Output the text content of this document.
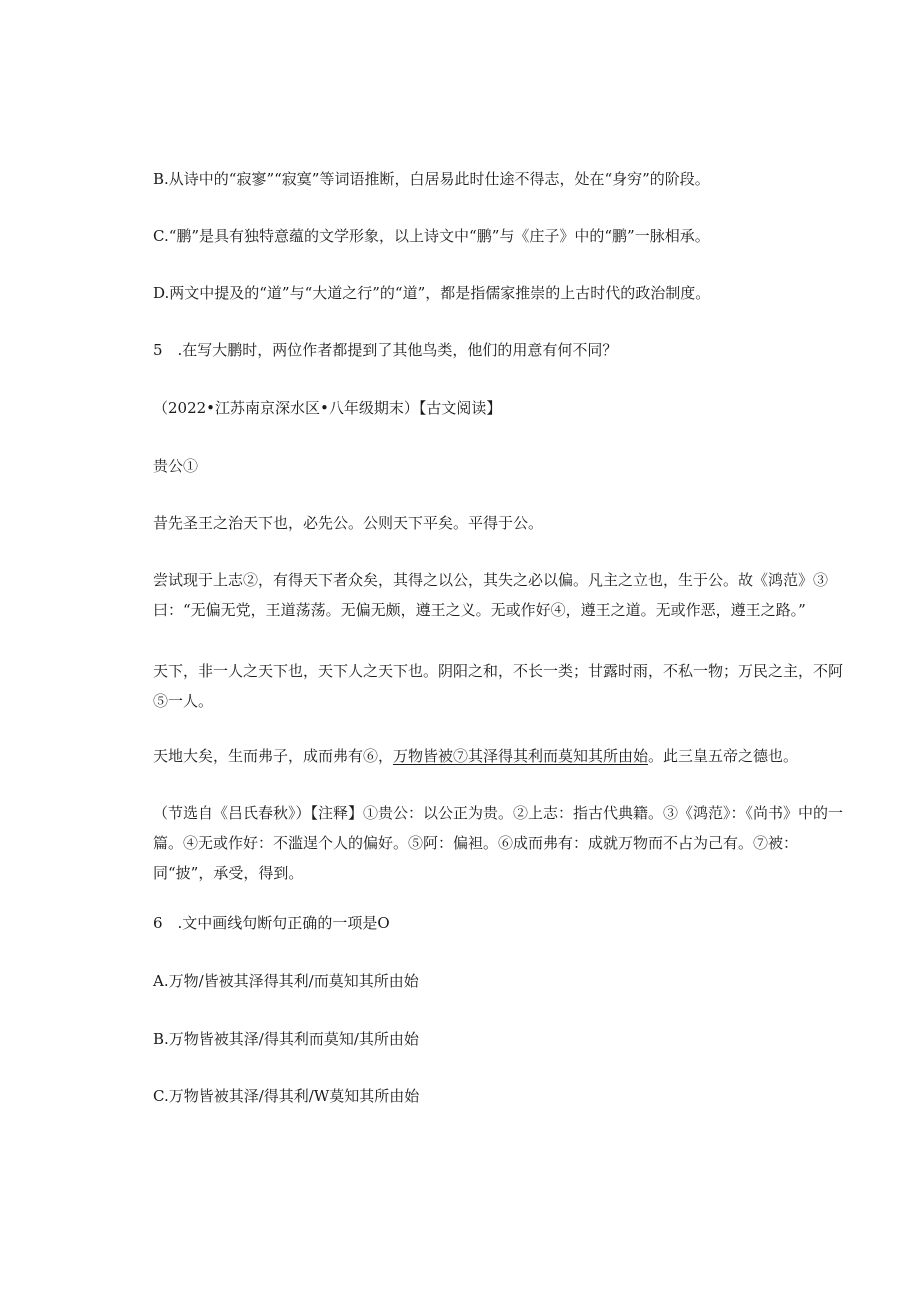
B.从诗中的“寂寥”“寂寞”等词语推断，白居易此时仕途不得志，处在“身穷”的阶段。
C.“鹏”是具有独特意蕴的文学形象，以上诗文中“鹏”与《庄子》中的“鹏”一脉相承。
D.两文中提及的“道”与“大道之行”的“道”，都是指儒家推崇的上古时代的政治制度。
5　.在写大鹏时，两位作者都提到了其他鸟类，他们的用意有何不同？
（2022•江苏南京深水区•八年级期末）【古文阅读】
贵公①
昔先圣王之治天下也，必先公。公则天下平矣。平得于公。
尝试现于上志②，有得天下者众矣，其得之以公，其失之必以偏。凡主之立也，生于公。故《鸿范》③曰：“无偏无党，王道荡荡。无偏无颇，遵王之义。无或作好④，遵王之道。无或作恶，遵王之路。”
天下，非一人之天下也，天下人之天下也。阴阳之和，不长一类；甘露时雨，不私一物；万民之主，不阿⑤一人。
天地大矣，生而弗子，成而弗有⑥，万物皆被⑦其泽得其利而莫知其所由始。此三皇五帝之德也。
（节选自《吕氏春秋》）【注释】①贵公：以公正为贵。②上志：指古代典籍。③《鸿范》：《尚书》中的一篇。④无或作好：不滥逞个人的偏好。⑤阿：偏袒。⑥成而弗有：成就万物而不占为己有。⑦被：同“披”，承受，得到。
6　.文中画线句断句正确的一项是O
A.万物/皆被其泽得其利/而莫知其所由始
B.万物皆被其泽/得其利而莫知/其所由始
C.万物皆被其泽/得其利/W莫知其所由始
